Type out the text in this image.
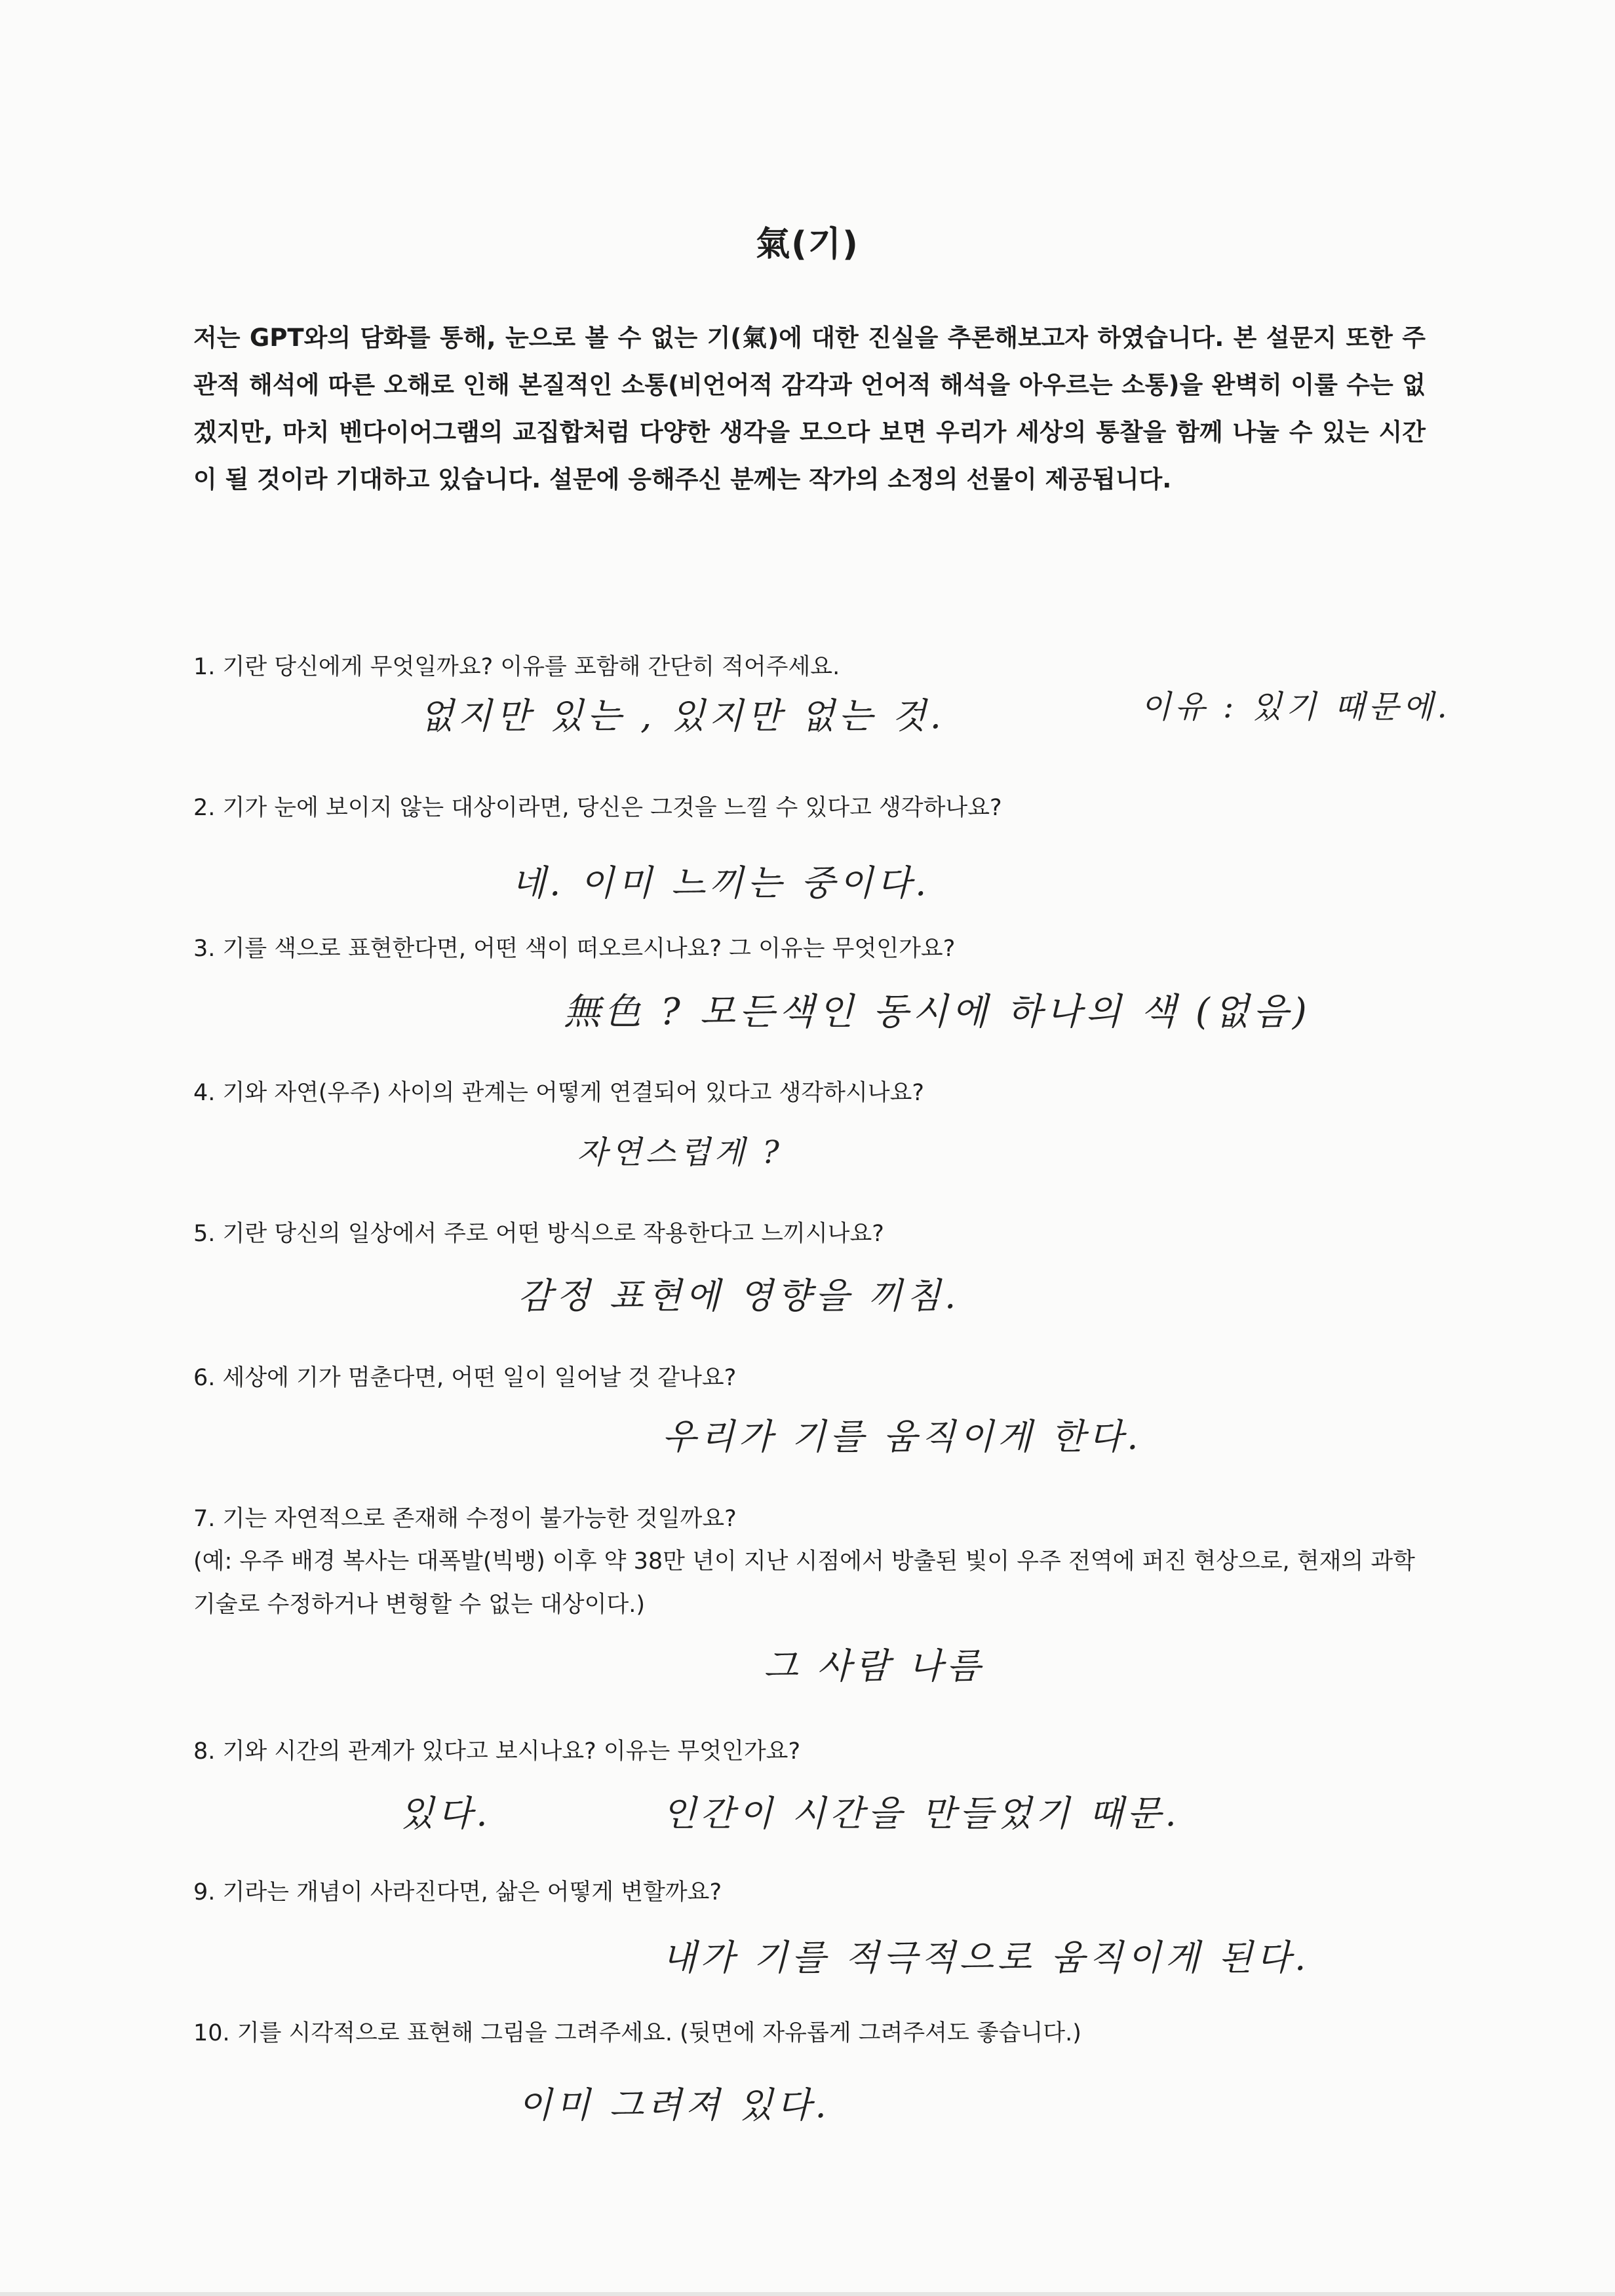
氣(기)
저는 GPT와의 담화를 통해, 눈으로 볼 수 없는 기(氣)에 대한 진실을 추론해보고자 하였습니다. 본 설문지 또한 주관적 해석에 따른 오해로 인해 본질적인 소통(비언어적 감각과 언어적 해석을 아우르는 소통)을 완벽히 이룰 수는 없겠지만, 마치 벤다이어그램의 교집합처럼 다양한 생각을 모으다 보면 우리가 세상의 통찰을 함께 나눌 수 있는 시간이 될 것이라 기대하고 있습니다. 설문에 응해주신 분께는 작가의 소정의 선물이 제공됩니다.
1. 기란 당신에게 무엇일까요? 이유를 포함해 간단히 적어주세요.
없지만 있는 , 있지만 없는 것.	이유 : 있기 때문에.
2. 기가 눈에 보이지 않는 대상이라면, 당신은 그것을 느낄 수 있다고 생각하나요?
네. 이미 느끼는 중이다.
3. 기를 색으로 표현한다면, 어떤 색이 떠오르시나요? 그 이유는 무엇인가요?
無色 ? 모든색인 동시에 하나의 색 (없음)
4. 기와 자연(우주) 사이의 관계는 어떻게 연결되어 있다고 생각하시나요?
자연스럽게 ?
5. 기란 당신의 일상에서 주로 어떤 방식으로 작용한다고 느끼시나요?
감정 표현에 영향을 끼침.
6. 세상에 기가 멈춘다면, 어떤 일이 일어날 것 같나요?
우리가 기를 움직이게 한다.
7. 기는 자연적으로 존재해 수정이 불가능한 것일까요?
(예: 우주 배경 복사는 대폭발(빅뱅) 이후 약 38만 년이 지난 시점에서 방출된 빛이 우주 전역에 퍼진 현상으로, 현재의 과학기술로 수정하거나 변형할 수 없는 대상이다.)
그 사람 나름
8. 기와 시간의 관계가 있다고 보시나요? 이유는 무엇인가요?
있다.	인간이 시간을 만들었기 때문.
9. 기라는 개념이 사라진다면, 삶은 어떻게 변할까요?
내가 기를 적극적으로 움직이게 된다.
10. 기를 시각적으로 표현해 그림을 그려주세요. (뒷면에 자유롭게 그려주셔도 좋습니다.)
이미 그려져 있다.
